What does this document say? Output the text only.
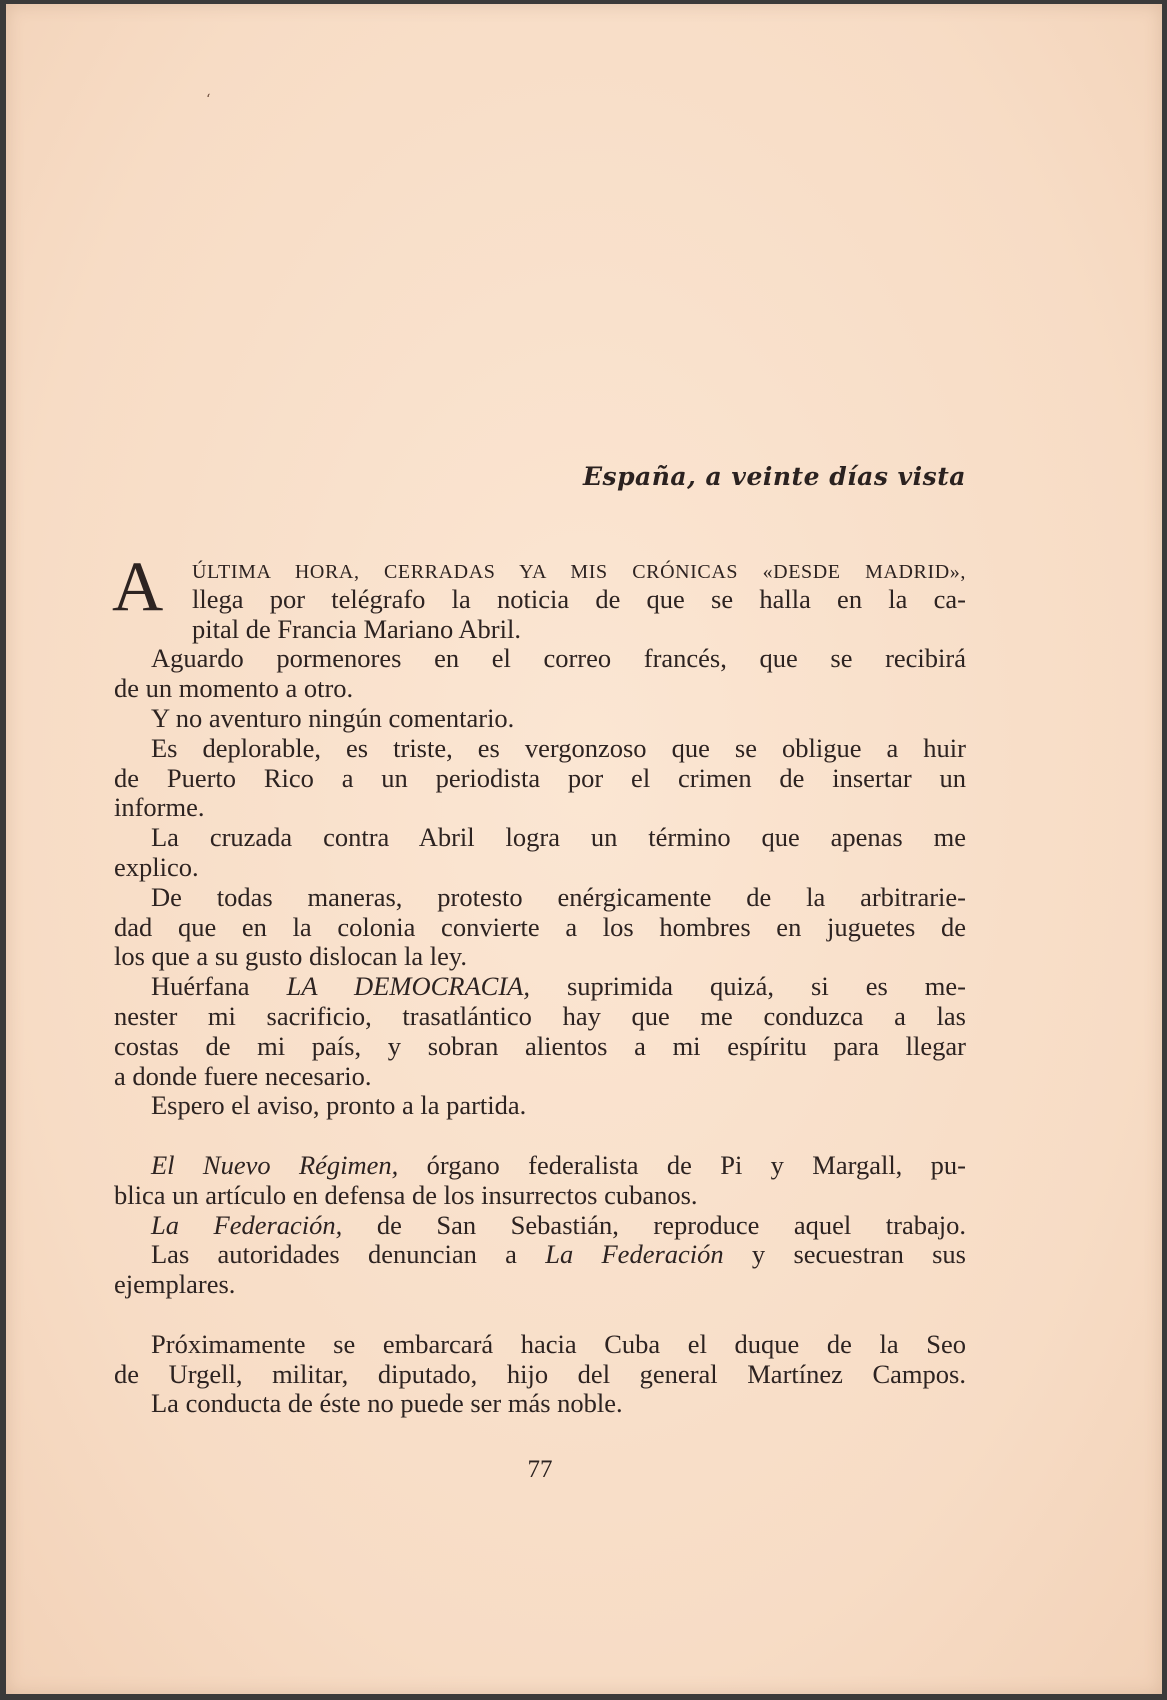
ʻ
España, a veinte días vista
A	ÚLTIMA HORA, CERRADAS YA MIS CRÓNICAS «DESDE MADRID»,
llega por telégrafo la noticia de que se halla en la ca-
pital de Francia Mariano Abril.
Aguardo pormenores en el correo francés, que se recibirá
de un momento a otro.
Y no aventuro ningún comentario.
Es deplorable, es triste, es vergonzoso que se obligue a huir
de Puerto Rico a un periodista por el crimen de insertar un
informe.
La cruzada contra Abril logra un término que apenas me
explico.
De todas maneras, protesto enérgicamente de la arbitrarie-
dad que en la colonia convierte a los hombres en juguetes de
los que a su gusto dislocan la ley.
Huérfana LA DEMOCRACIA, suprimida quizá, si es me-
nester mi sacrificio, trasatlántico hay que me conduzca a las
costas de mi país, y sobran alientos a mi espíritu para llegar
a donde fuere necesario.
Espero el aviso, pronto a la partida.
El Nuevo Régimen, órgano federalista de Pi y Margall, pu-
blica un artículo en defensa de los insurrectos cubanos.
La Federación, de San Sebastián, reproduce aquel trabajo.
Las autoridades denuncian a La Federación y secuestran sus
ejemplares.
Próximamente se embarcará hacia Cuba el duque de la Seo
de Urgell, militar, diputado, hijo del general Martínez Campos.
La conducta de éste no puede ser más noble.
77
